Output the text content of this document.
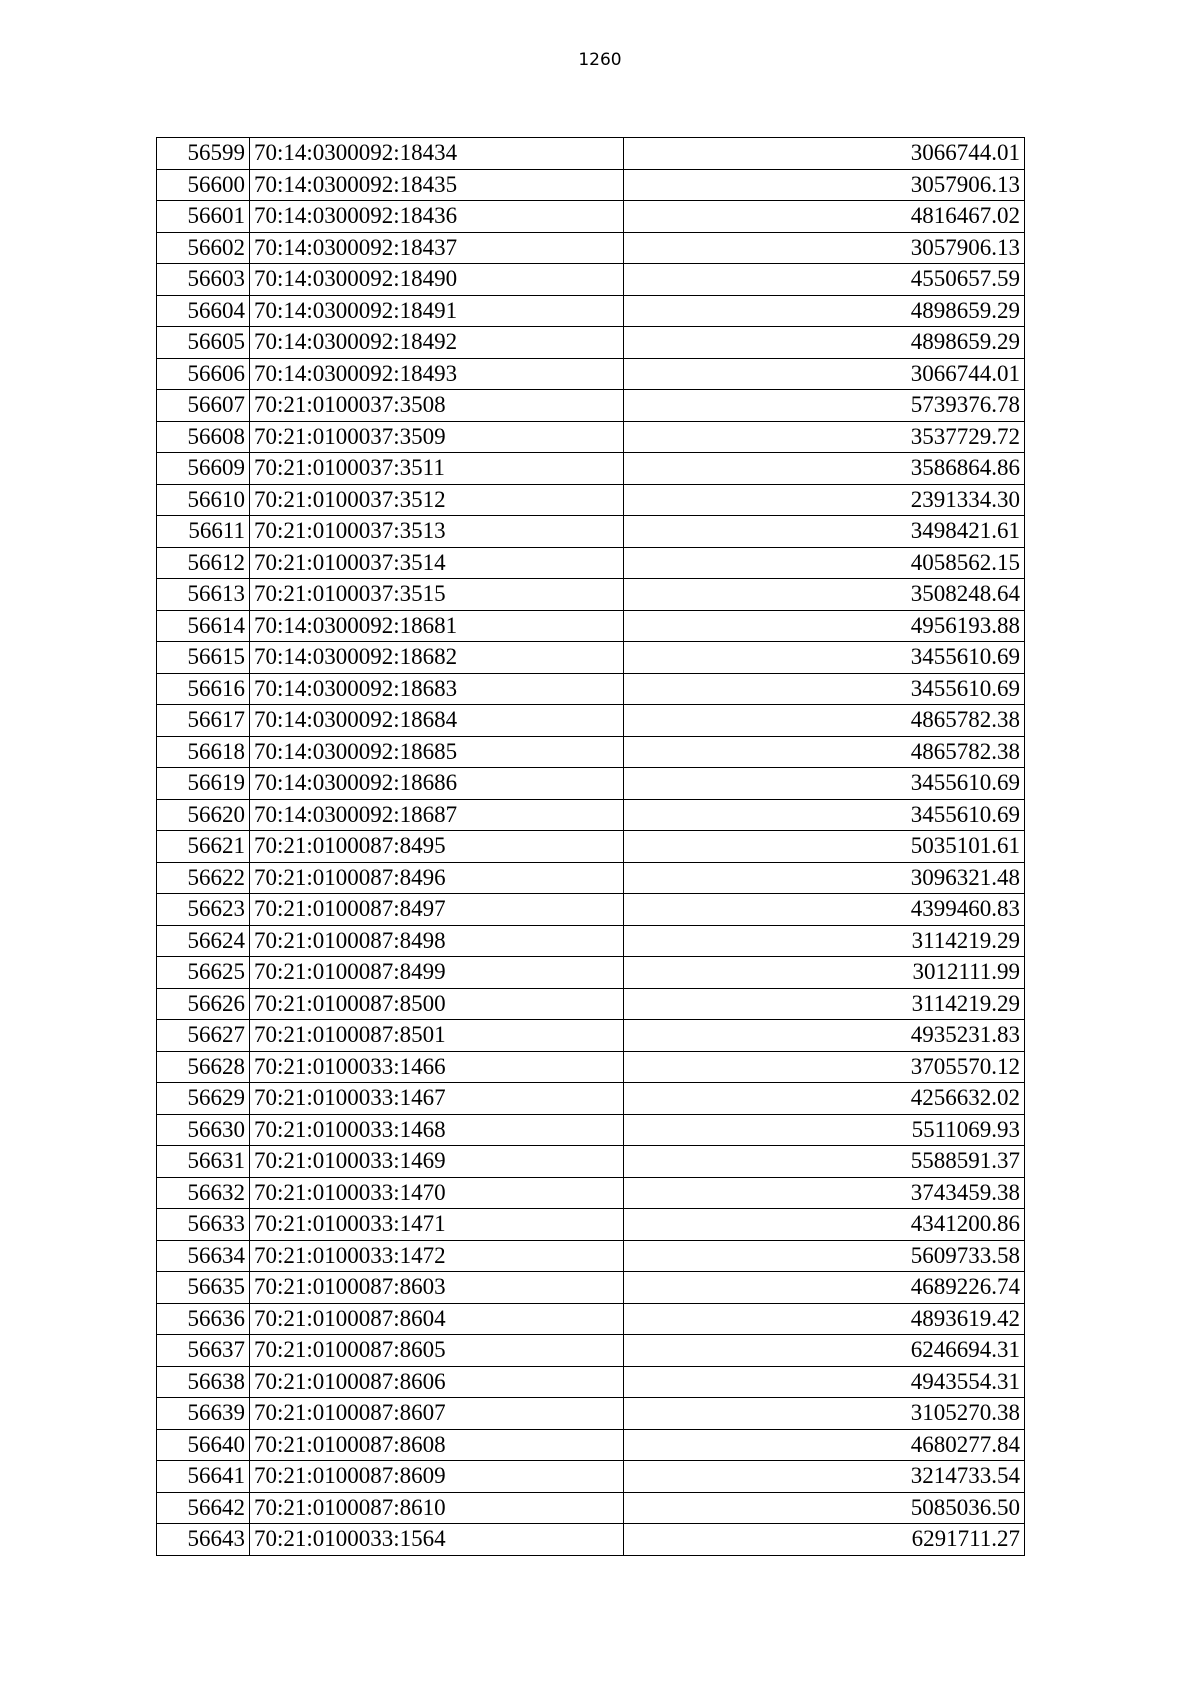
1260
56599	70:14:0300092:18434	3066744.01
56600	70:14:0300092:18435	3057906.13
56601	70:14:0300092:18436	4816467.02
56602	70:14:0300092:18437	3057906.13
56603	70:14:0300092:18490	4550657.59
56604	70:14:0300092:18491	4898659.29
56605	70:14:0300092:18492	4898659.29
56606	70:14:0300092:18493	3066744.01
56607	70:21:0100037:3508	5739376.78
56608	70:21:0100037:3509	3537729.72
56609	70:21:0100037:3511	3586864.86
56610	70:21:0100037:3512	2391334.30
56611	70:21:0100037:3513	3498421.61
56612	70:21:0100037:3514	4058562.15
56613	70:21:0100037:3515	3508248.64
56614	70:14:0300092:18681	4956193.88
56615	70:14:0300092:18682	3455610.69
56616	70:14:0300092:18683	3455610.69
56617	70:14:0300092:18684	4865782.38
56618	70:14:0300092:18685	4865782.38
56619	70:14:0300092:18686	3455610.69
56620	70:14:0300092:18687	3455610.69
56621	70:21:0100087:8495	5035101.61
56622	70:21:0100087:8496	3096321.48
56623	70:21:0100087:8497	4399460.83
56624	70:21:0100087:8498	3114219.29
56625	70:21:0100087:8499	3012111.99
56626	70:21:0100087:8500	3114219.29
56627	70:21:0100087:8501	4935231.83
56628	70:21:0100033:1466	3705570.12
56629	70:21:0100033:1467	4256632.02
56630	70:21:0100033:1468	5511069.93
56631	70:21:0100033:1469	5588591.37
56632	70:21:0100033:1470	3743459.38
56633	70:21:0100033:1471	4341200.86
56634	70:21:0100033:1472	5609733.58
56635	70:21:0100087:8603	4689226.74
56636	70:21:0100087:8604	4893619.42
56637	70:21:0100087:8605	6246694.31
56638	70:21:0100087:8606	4943554.31
56639	70:21:0100087:8607	3105270.38
56640	70:21:0100087:8608	4680277.84
56641	70:21:0100087:8609	3214733.54
56642	70:21:0100087:8610	5085036.50
56643	70:21:0100033:1564	6291711.27
